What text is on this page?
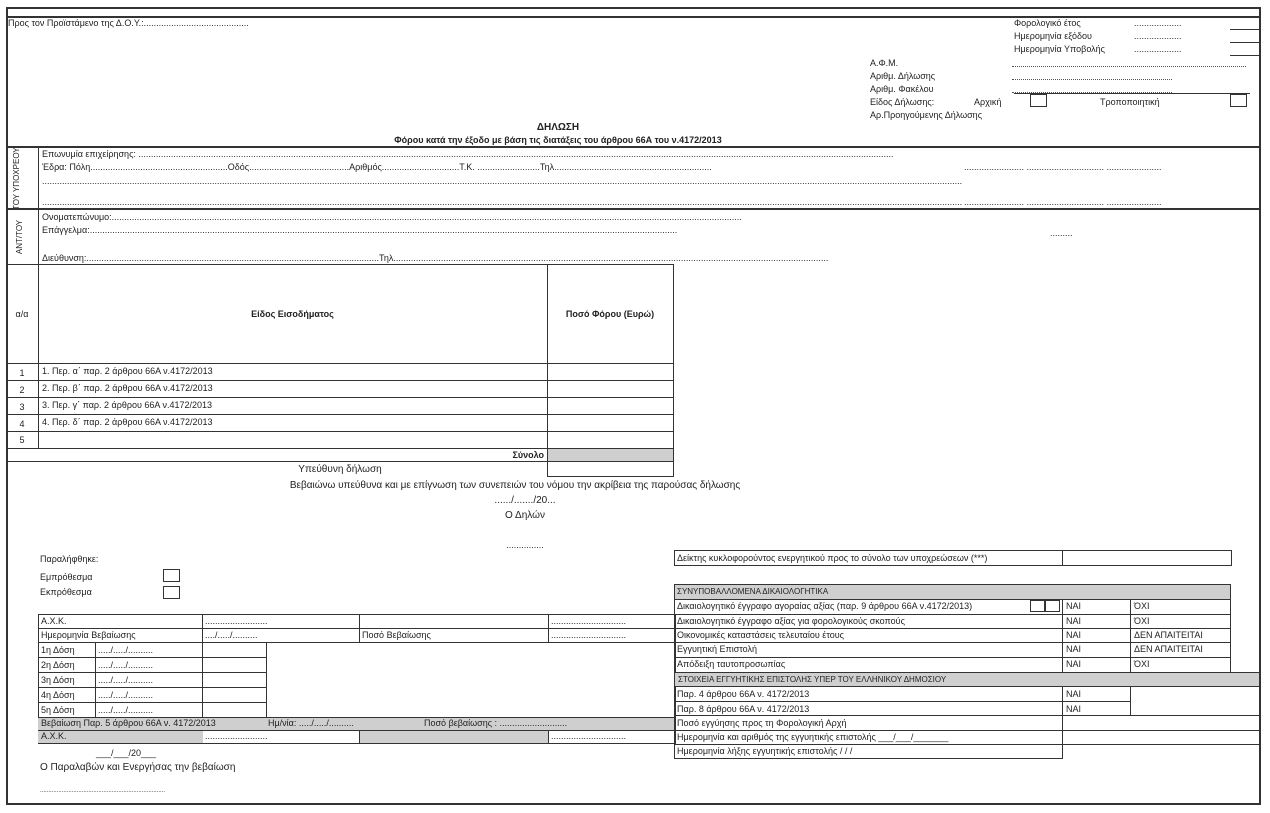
Προς τον Προϊστάμενο της Δ.Ο.Υ.:..........................................	Φορολογικό έτος	...................
Ημερομηνία εξόδου	...................
Ημερομηνία Υποβολής	...................
Α.Φ.Μ.
Αριθμ. Δήλωσης
Αριθμ. Φακέλου
Είδος Δήλωσης:	Αρχική	Τροποποιητική
Αρ.Προηγούμενης Δήλωσης
ΔΗΛΩΣΗ
Φόρου κατά την έξοδο με βάση τις διατάξεις του άρθρου 66Α του ν.4172/2013
ΤΟΥ ΥΠΟΧΡΕΟΥ	Επωνυμία επιχείρησης: ..............................................................................................................................................................................................................................................................................................................
Έδρα: Πόλη.......................................................Οδός........................................Αριθμός...............................Τ.Κ. .........................Τηλ...............................................................	........................ ............................... ......................
................................................................................................................................................................................................................................................................................................................................................................................
................................................................................................................................................................................................................................................................................................................................................................................ ........................ ............................... ......................
ΑΝΤ/ΤΟΥ
Ονοματεπώνυμο:............................................................................................................................................................................................................................................................
Επάγγελμα:...........................................................................................................................................................................................................................................	.........
Διεύθυνση:.....................................................................................................................Τηλ..............................................................................................................................................................................
α/α	Είδος Εισοδήματος	Ποσό Φόρου (Ευρώ)
1	1. Περ. α΄ παρ. 2 άρθρου 66Α ν.4172/2013
2	2. Περ. β΄ παρ. 2 άρθρου 66Α ν.4172/2013
3	3. Περ. γ΄ παρ. 2 άρθρου 66Α ν.4172/2013
4	4. Περ. δ΄ παρ. 2 άρθρου 66Α ν.4172/2013
5
Σύνολο
Υπεύθυνη δήλωση
Βεβαιώνω υπεύθυνα και με επίγνωση των συνεπειών του νόμου την ακρίβεια της παρούσας δήλωσης
....../......./20...
Ο Δηλών
...............
Παραλήφθηκε:
Εμπρόθεσμα
Εκπρόθεσμα
Α.Χ.Κ.	.........................	..............................
Ημερομηνία Βεβαίωσης	..../...../..........	Ποσό Βεβαίωσης	..............................
1η Δόση	...../...../..........
2η Δόση	...../...../..........
3η Δόση	...../...../..........
4η Δόση	...../...../..........
5η Δόση	...../...../..........
Βεβαίωση Παρ. 5 άρθρου 66Α ν. 4172/2013	Ημ/νία: ...../...../..........	Ποσό βεβαίωσης : ...........................
Α.Χ.Κ.	.........................	..............................
___/___/20___
Ο Παραλαβών και Ενεργήσας την βεβαίωση
...........................................................................
Δείκτης κυκλοφορούντος ενεργητικού προς το σύνολο των υποχρεώσεων (***)
ΣΥΝΥΠΟΒΑΛΛΟΜΕΝΑ ΔΙΚΑΙΟΛΟΓΗΤΙΚΑ
Δικαιολογητικό έγγραφο αγοραίας αξίας (παρ. 9 άρθρου 66Α ν.4172/2013)	ΝΑΙ	ΌΧΙ
Δικαιολογητικό έγγραφο αξίας για φορολογικούς σκοπούς	ΝΑΙ	ΌΧΙ
Οικονομικές καταστάσεις τελευταίου έτους	ΝΑΙ	ΔΕΝ ΑΠΑΙΤΕΙΤΑΙ
Εγγυητική Επιστολή	ΝΑΙ	ΔΕΝ ΑΠΑΙΤΕΙΤΑΙ
Απόδειξη ταυτοπροσωπίας	ΝΑΙ	ΌΧΙ
ΣΤΟΙΧΕΙΑ ΕΓΓΥΗΤΙΚΗΣ ΕΠΙΣΤΟΛΗΣ ΥΠΕΡ ΤΟΥ ΕΛΛΗΝΙΚΟΥ ΔΗΜΟΣΙΟΥ
Παρ. 4 άρθρου 66Α ν. 4172/2013	ΝΑΙ
Παρ. 8 άρθρου 66Α ν. 4172/2013	ΝΑΙ
Ποσό εγγύησης προς τη Φορολογική Αρχή
Ημερομηνία και αριθμός της εγγυητικής επιστολής ___/___/_______
Ημερομηνία λήξης εγγυητικής επιστολής / / /
